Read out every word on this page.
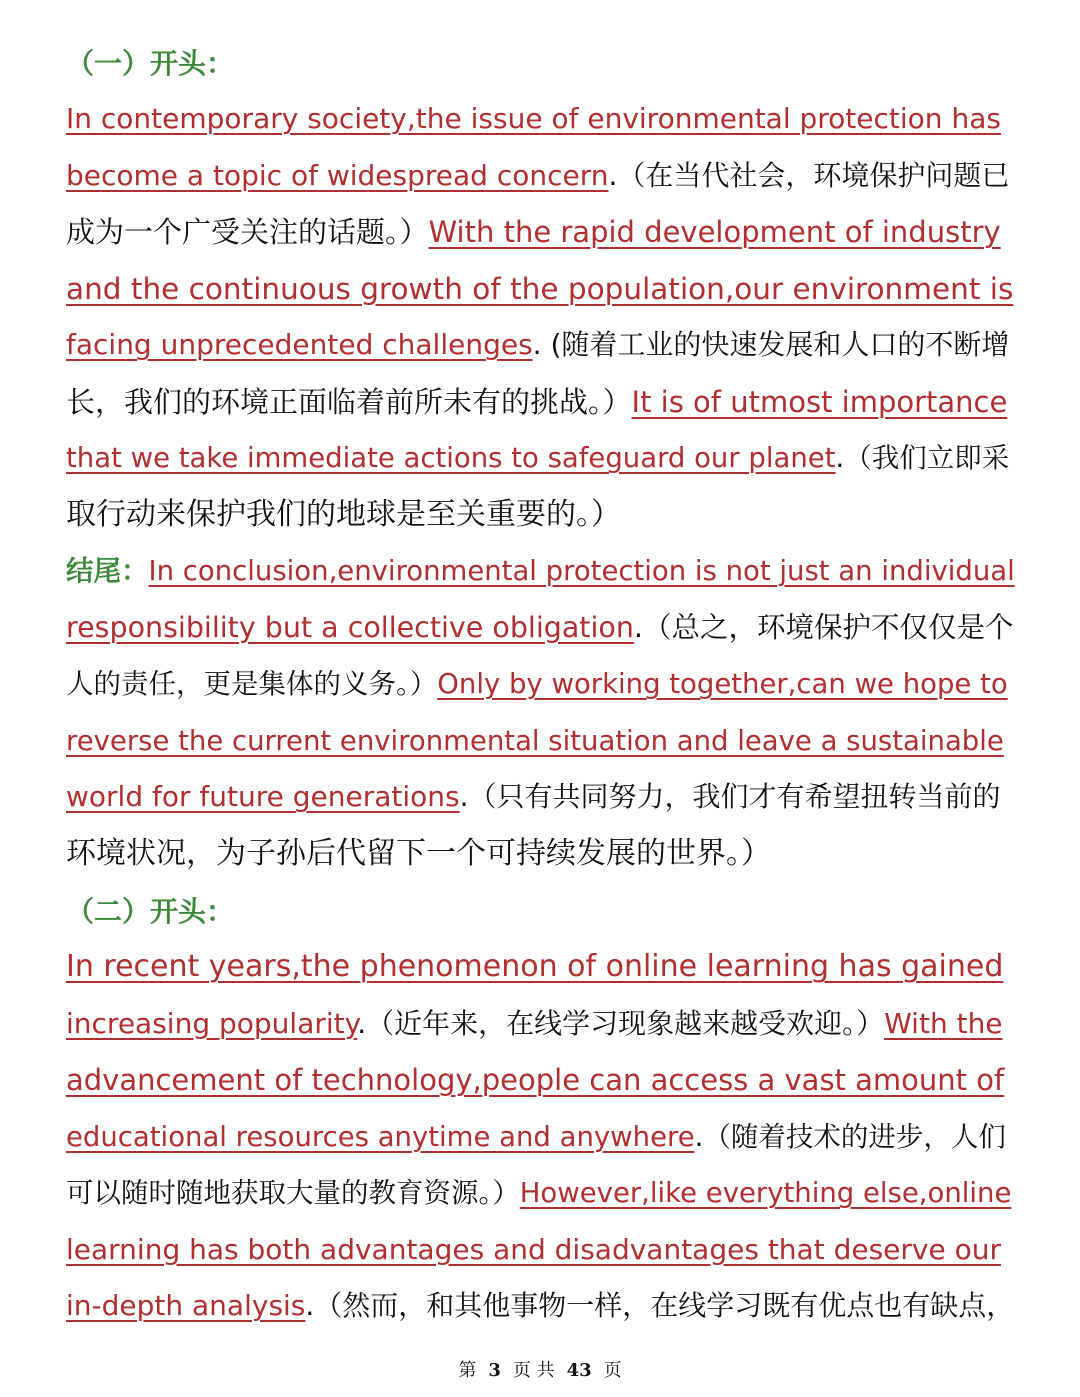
（一）开头：
In contemporary society,the issue of environmental protection has
become a topic of widespread concern.（在当代社会，环境保护问题已
成为一个广受关注的话题。）With the rapid development of industry
and the continuous growth of the population,our environment is
facing unprecedented challenges. (随着工业的快速发展和人口的不断增
长，我们的环境正面临着前所未有的挑战。）It is of utmost importance
that we take immediate actions to safeguard our planet.（我们立即采
取行动来保护我们的地球是至关重要的。）
结尾：In conclusion,environmental protection is not just an individual
responsibility but a collective obligation.（总之，环境保护不仅仅是个
人的责任，更是集体的义务。）Only by working together,can we hope to
reverse the current environmental situation and leave a sustainable
world for future generations.（只有共同努力，我们才有希望扭转当前的
环境状况，为子孙后代留下一个可持续发展的世界。）
（二）开头：
In recent years,the phenomenon of online learning has gained
increasing popularity.（近年来，在线学习现象越来越受欢迎。）With the
advancement of technology,people can access a vast amount of
educational resources anytime and anywhere.（随着技术的进步，人们
可以随时随地获取大量的教育资源。）However,like everything else,online
learning has both advantages and disadvantages that deserve our
in-depth analysis.（然而，和其他事物一样，在线学习既有优点也有缺点，
第 3 页 共 43 页
